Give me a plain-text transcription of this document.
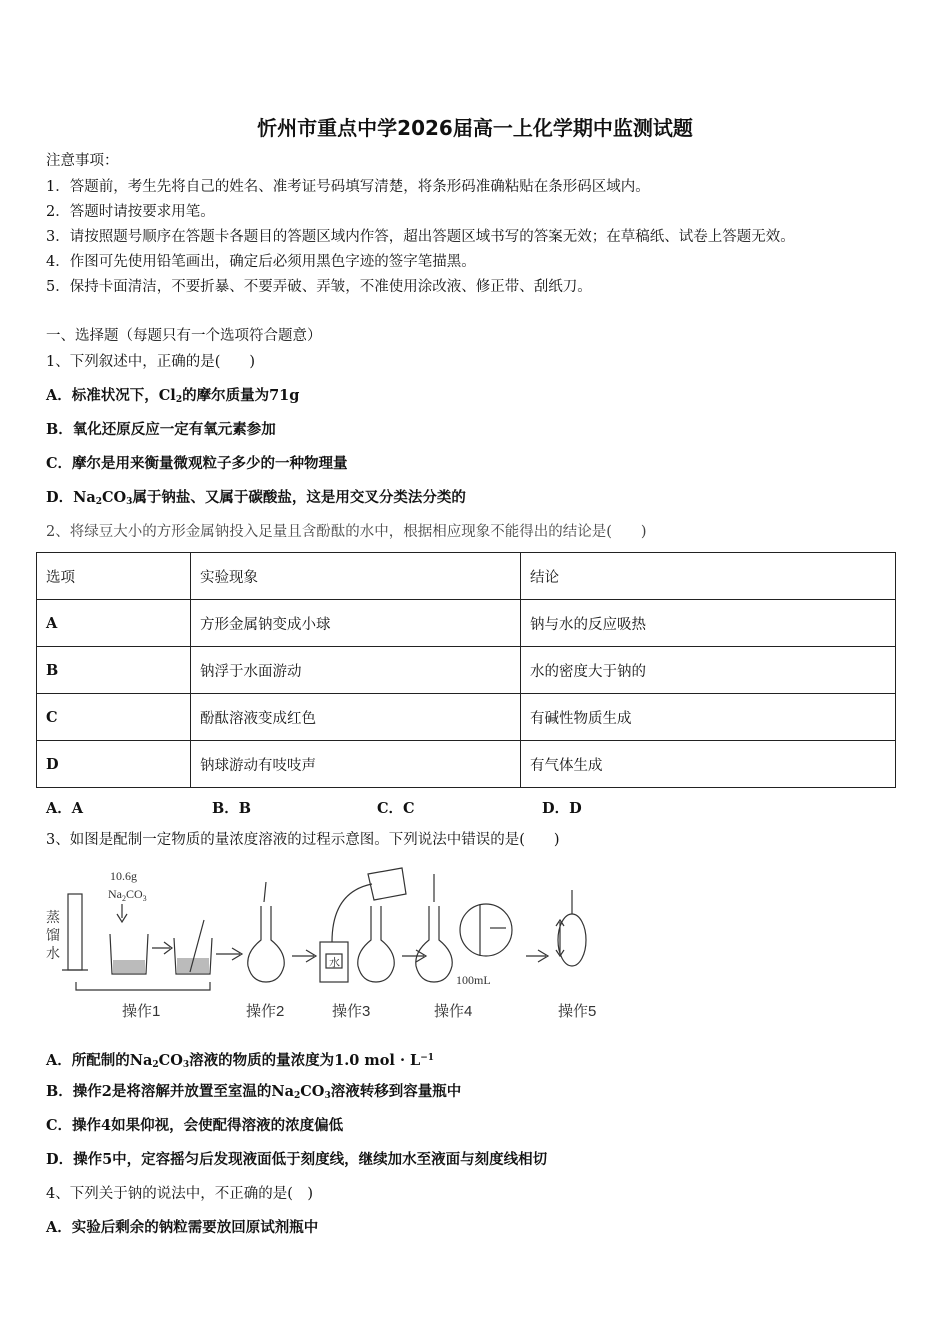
忻州市重点中学2026届高一上化学期中监测试题
注意事项：
1．答题前，考生先将自己的姓名、准考证号码填写清楚，将条形码准确粘贴在条形码区域内。
2．答题时请按要求用笔。
3．请按照题号顺序在答题卡各题目的答题区域内作答，超出答题区域书写的答案无效；在草稿纸、试卷上答题无效。
4．作图可先使用铅笔画出，确定后必须用黑色字迹的签字笔描黑。
5．保持卡面清洁，不要折暴、不要弄破、弄皱，不准使用涂改液、修正带、刮纸刀。
一、选择题（每题只有一个选项符合题意）
1、下列叙述中，正确的是(　　)
A．标准状况下，$Cl_2$的摩尔质量为71g
B．氧化还原反应一定有氧元素参加
C．摩尔是用来衡量微观粒子多少的一种物理量
D．$Na_2CO_3$属于钠盐、又属于碳酸盐，这是用交叉分类法分类的
2、将绿豆大小的方形金属钠投入足量且含酚酞的水中，根据相应现象不能得出的结论是(　　)
选项	实验现象	结论
A	方形金属钠变成小球	钠与水的反应吸热
B	钠浮于水面游动	水的密度大于钠的
C	酚酞溶液变成红色	有碱性物质生成
D	钠球游动有吱吱声	有气体生成
A．A	B．B	C．C	D．D
3、如图是配制一定物质的量浓度溶液的过程示意图。下列说法中错误的是(　　)
蒸
馏
水
10.6g
$Na_2CO_3$
水
100mL
操作1	操作2	操作3	操作4	操作5
A．所配制的$Na_2CO_3$溶液的物质的量浓度为1.0 mol · $L^{-1}$
B．操作2是将溶解并放置至室温的$Na_2CO_3$溶液转移到容量瓶中
C．操作4如果仰视，会使配得溶液的浓度偏低
D．操作5中，定容摇匀后发现液面低于刻度线，继续加水至液面与刻度线相切
4、下列关于钠的说法中，不正确的是(　)
A．实验后剩余的钠粒需要放回原试剂瓶中
